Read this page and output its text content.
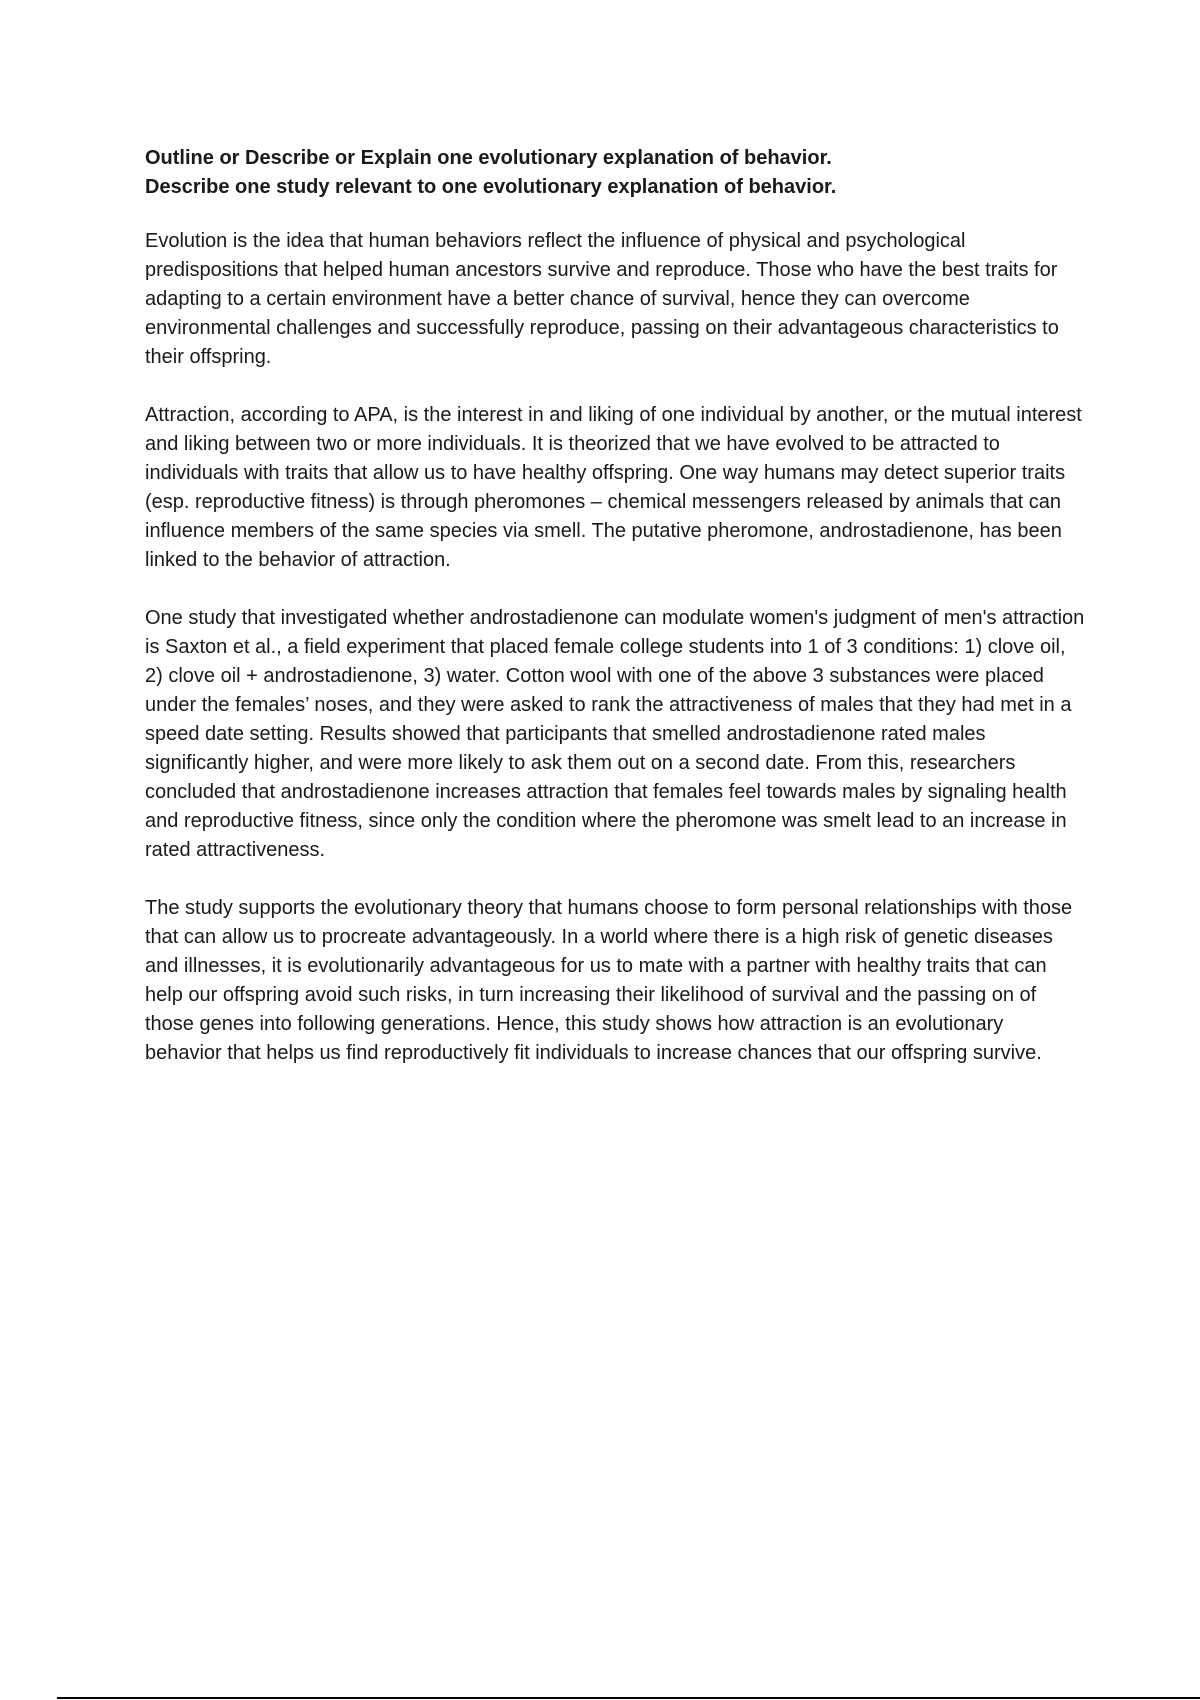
Outline or Describe or Explain one evolutionary explanation of behavior.
Describe one study relevant to one evolutionary explanation of behavior.

Evolution is the idea that human behaviors reflect the influence of physical and psychological predispositions that helped human ancestors survive and reproduce. Those who have the best traits for adapting to a certain environment have a better chance of survival, hence they can overcome environmental challenges and successfully reproduce, passing on their advantageous characteristics to their offspring.

Attraction, according to APA, is the interest in and liking of one individual by another, or the mutual interest and liking between two or more individuals. It is theorized that we have evolved to be attracted to individuals with traits that allow us to have healthy offspring. One way humans may detect superior traits (esp. reproductive fitness) is through pheromones – chemical messengers released by animals that can influence members of the same species via smell. The putative pheromone, androstadienone, has been linked to the behavior of attraction.

One study that investigated whether androstadienone can modulate women's judgment of men's attraction is Saxton et al., a field experiment that placed female college students into 1 of 3 conditions: 1) clove oil, 2) clove oil + androstadienone, 3) water. Cotton wool with one of the above 3 substances were placed under the females’ noses, and they were asked to rank the attractiveness of males that they had met in a speed date setting. Results showed that participants that smelled androstadienone rated males significantly higher, and were more likely to ask them out on a second date. From this, researchers concluded that androstadienone increases attraction that females feel towards males by signaling health and reproductive fitness, since only the condition where the pheromone was smelt lead to an increase in rated attractiveness.

The study supports the evolutionary theory that humans choose to form personal relationships with those that can allow us to procreate advantageously. In a world where there is a high risk of genetic diseases and illnesses, it is evolutionarily advantageous for us to mate with a partner with healthy traits that can help our offspring avoid such risks, in turn increasing their likelihood of survival and the passing on of those genes into following generations. Hence, this study shows how attraction is an evolutionary behavior that helps us find reproductively fit individuals to increase chances that our offspring survive.
